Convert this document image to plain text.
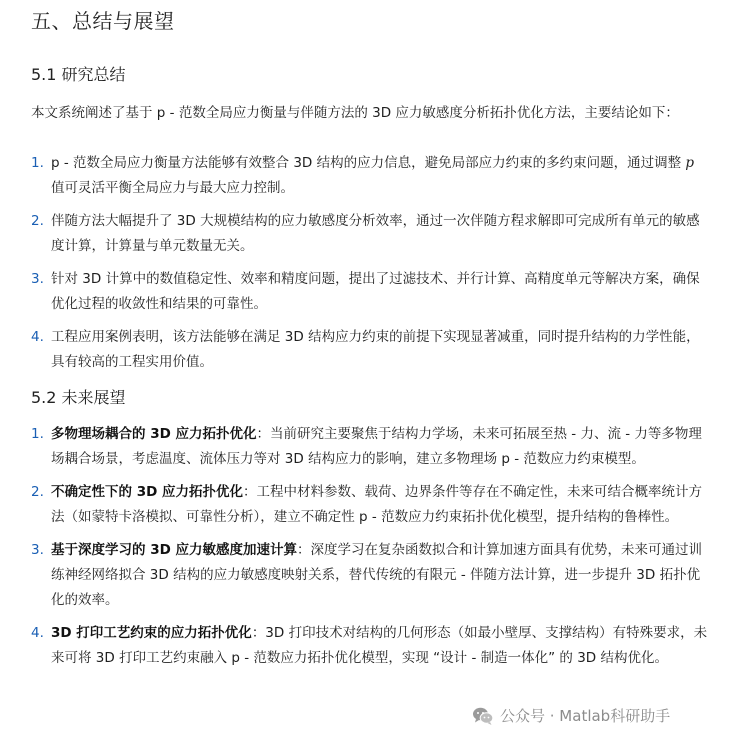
五、总结与展望
5.1 研究总结

本文系统阐述了基于 p - 范数全局应力衡量与伴随方法的 3D 应力敏感度分析拓扑优化方法，主要结论如下：

1. p - 范数全局应力衡量方法能够有效整合 3D 结构的应力信息，避免局部应力约束的多约束问题，通过调整 p 值可灵活平衡全局应力与最大应力控制。
2. 伴随方法大幅提升了 3D 大规模结构的应力敏感度分析效率，通过一次伴随方程求解即可完成所有单元的敏感度计算，计算量与单元数量无关。
3. 针对 3D 计算中的数值稳定性、效率和精度问题，提出了过滤技术、并行计算、高精度单元等解决方案，确保优化过程的收敛性和结果的可靠性。
4. 工程应用案例表明，该方法能够在满足 3D 结构应力约束的前提下实现显著减重，同时提升结构的力学性能，具有较高的工程实用价值。
5.2 未来展望
1. 多物理场耦合的 3D 应力拓扑优化：当前研究主要聚焦于结构力学场，未来可拓展至热 - 力、流 - 力等多物理场耦合场景，考虑温度、流体压力等对 3D 结构应力的影响，建立多物理场 p - 范数应力约束模型。
2. 不确定性下的 3D 应力拓扑优化：工程中材料参数、载荷、边界条件等存在不确定性，未来可结合概率统计方法（如蒙特卡洛模拟、可靠性分析），建立不确定性 p - 范数应力约束拓扑优化模型，提升结构的鲁棒性。
3. 基于深度学习的 3D 应力敏感度加速计算：深度学习在复杂函数拟合和计算加速方面具有优势，未来可通过训练神经网络拟合 3D 结构的应力敏感度映射关系，替代传统的有限元 - 伴随方法计算，进一步提升 3D 拓扑优化的效率。
4. 3D 打印工艺约束的应力拓扑优化：3D 打印技术对结构的几何形态（如最小壁厚、支撑结构）有特殊要求，未来可将 3D 打印工艺约束融入 p - 范数应力拓扑优化模型，实现 “设计 - 制造一体化” 的 3D 结构优化。
公众号 · Matlab科研助手
